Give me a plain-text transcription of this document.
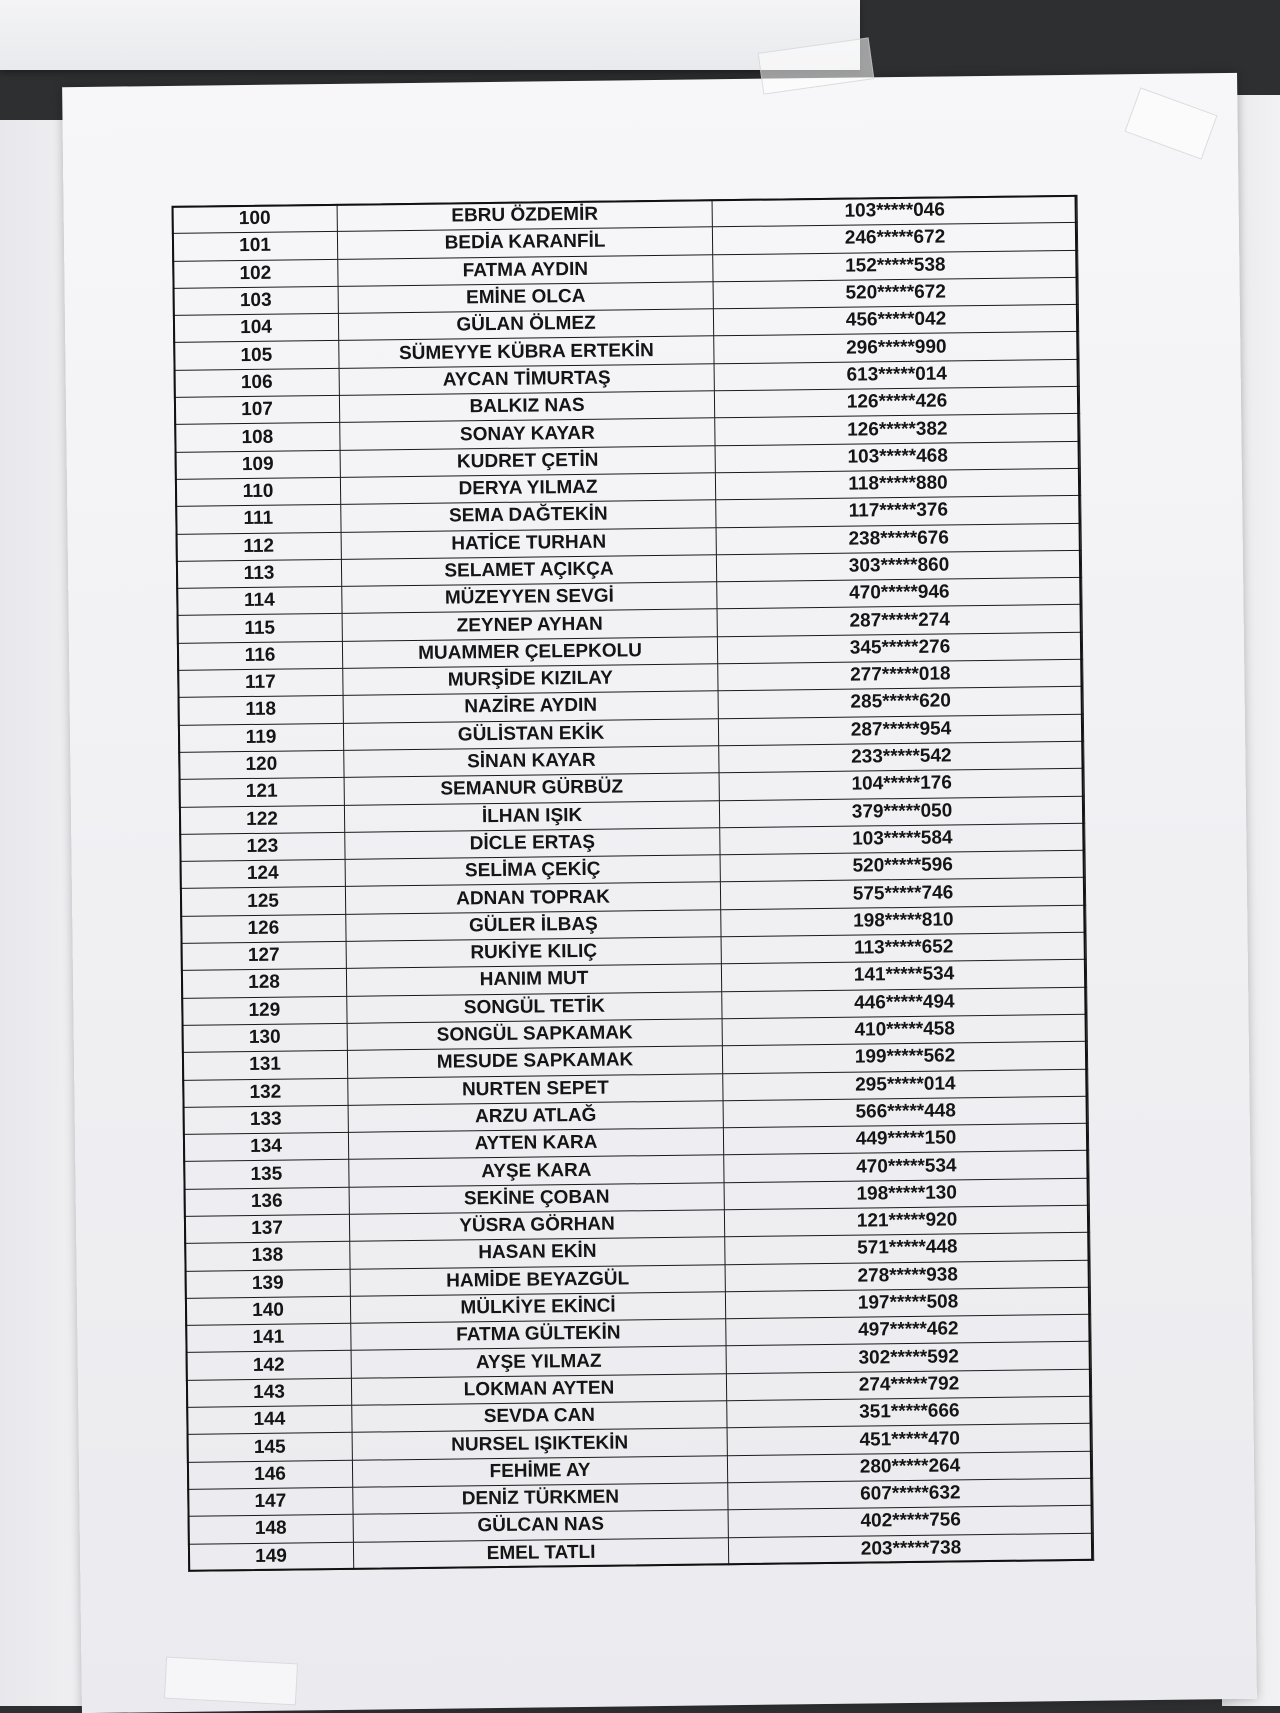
100	EBRU ÖZDEMİR	103*****046
101	BEDİA KARANFİL	246*****672
102	FATMA AYDIN	152*****538
103	EMİNE OLCA	520*****672
104	GÜLAN ÖLMEZ	456*****042
105	SÜMEYYE KÜBRA ERTEKİN	296*****990
106	AYCAN TİMURTAŞ	613*****014
107	BALKIZ NAS	126*****426
108	SONAY KAYAR	126*****382
109	KUDRET ÇETİN	103*****468
110	DERYA YILMAZ	118*****880
111	SEMA DAĞTEKİN	117*****376
112	HATİCE TURHAN	238*****676
113	SELAMET AÇIKÇA	303*****860
114	MÜZEYYEN SEVGİ	470*****946
115	ZEYNEP AYHAN	287*****274
116	MUAMMER ÇELEPKOLU	345*****276
117	MURŞİDE KIZILAY	277*****018
118	NAZİRE AYDIN	285*****620
119	GÜLİSTAN EKİK	287*****954
120	SİNAN KAYAR	233*****542
121	SEMANUR GÜRBÜZ	104*****176
122	İLHAN IŞIK	379*****050
123	DİCLE ERTAŞ	103*****584
124	SELİMA ÇEKİÇ	520*****596
125	ADNAN TOPRAK	575*****746
126	GÜLER İLBAŞ	198*****810
127	RUKİYE KILIÇ	113*****652
128	HANIM MUT	141*****534
129	SONGÜL TETİK	446*****494
130	SONGÜL SAPKAMAK	410*****458
131	MESUDE SAPKAMAK	199*****562
132	NURTEN SEPET	295*****014
133	ARZU ATLAĞ	566*****448
134	AYTEN KARA	449*****150
135	AYŞE KARA	470*****534
136	SEKİNE ÇOBAN	198*****130
137	YÜSRA GÖRHAN	121*****920
138	HASAN EKİN	571*****448
139	HAMİDE BEYAZGÜL	278*****938
140	MÜLKİYE EKİNCİ	197*****508
141	FATMA GÜLTEKİN	497*****462
142	AYŞE YILMAZ	302*****592
143	LOKMAN AYTEN	274*****792
144	SEVDA CAN	351*****666
145	NURSEL IŞIKTEKİN	451*****470
146	FEHİME AY	280*****264
147	DENİZ TÜRKMEN	607*****632
148	GÜLCAN NAS	402*****756
149	EMEL TATLI	203*****738
